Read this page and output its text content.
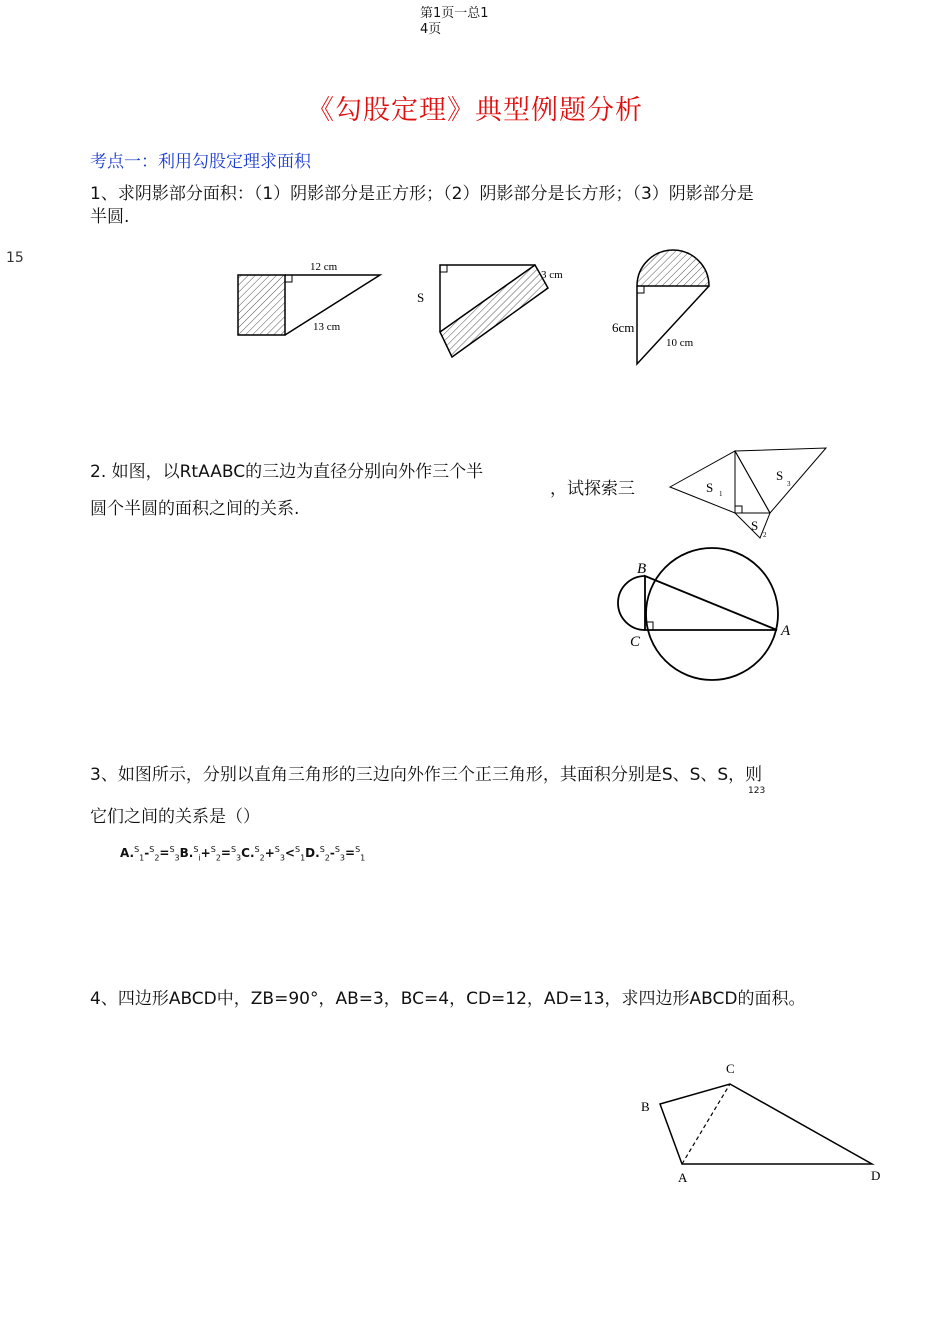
第1页一总1
4页
15
《勾股定理》典型例题分析
考点一：利用勾股定理求面积
1、求阴影部分面积：（1）阴影部分是正方形；（2）阴影部分是长方形；（3）阴影部分是
半圆.
12 cm
13 cm
3 cm
S
6cm
10 cm
S 1
S
3
S
2
B
C
A
B
C
A	D
2. 如图，以RtAABC的三边为直径分别向外作三个半
，试探索三
圆个半圆的面积之间的关系.
3、如图所示，分别以直角三角形的三边向外作三个正三角形，其面积分别是S、S、S，则
123
它们之间的关系是（）
A.$^S_1$-$^S_2$=$^S_3$B.$^S_i$+$^S_2$=$^S_3$C.$^S_2$+$^S_3$<$^S_1$D.$^S_2$-$^S_3$=$^S_1$
4、四边形ABCD中，ZB=90°，AB=3，BC=4，CD=12，AD=13，求四边形ABCD的面积。
